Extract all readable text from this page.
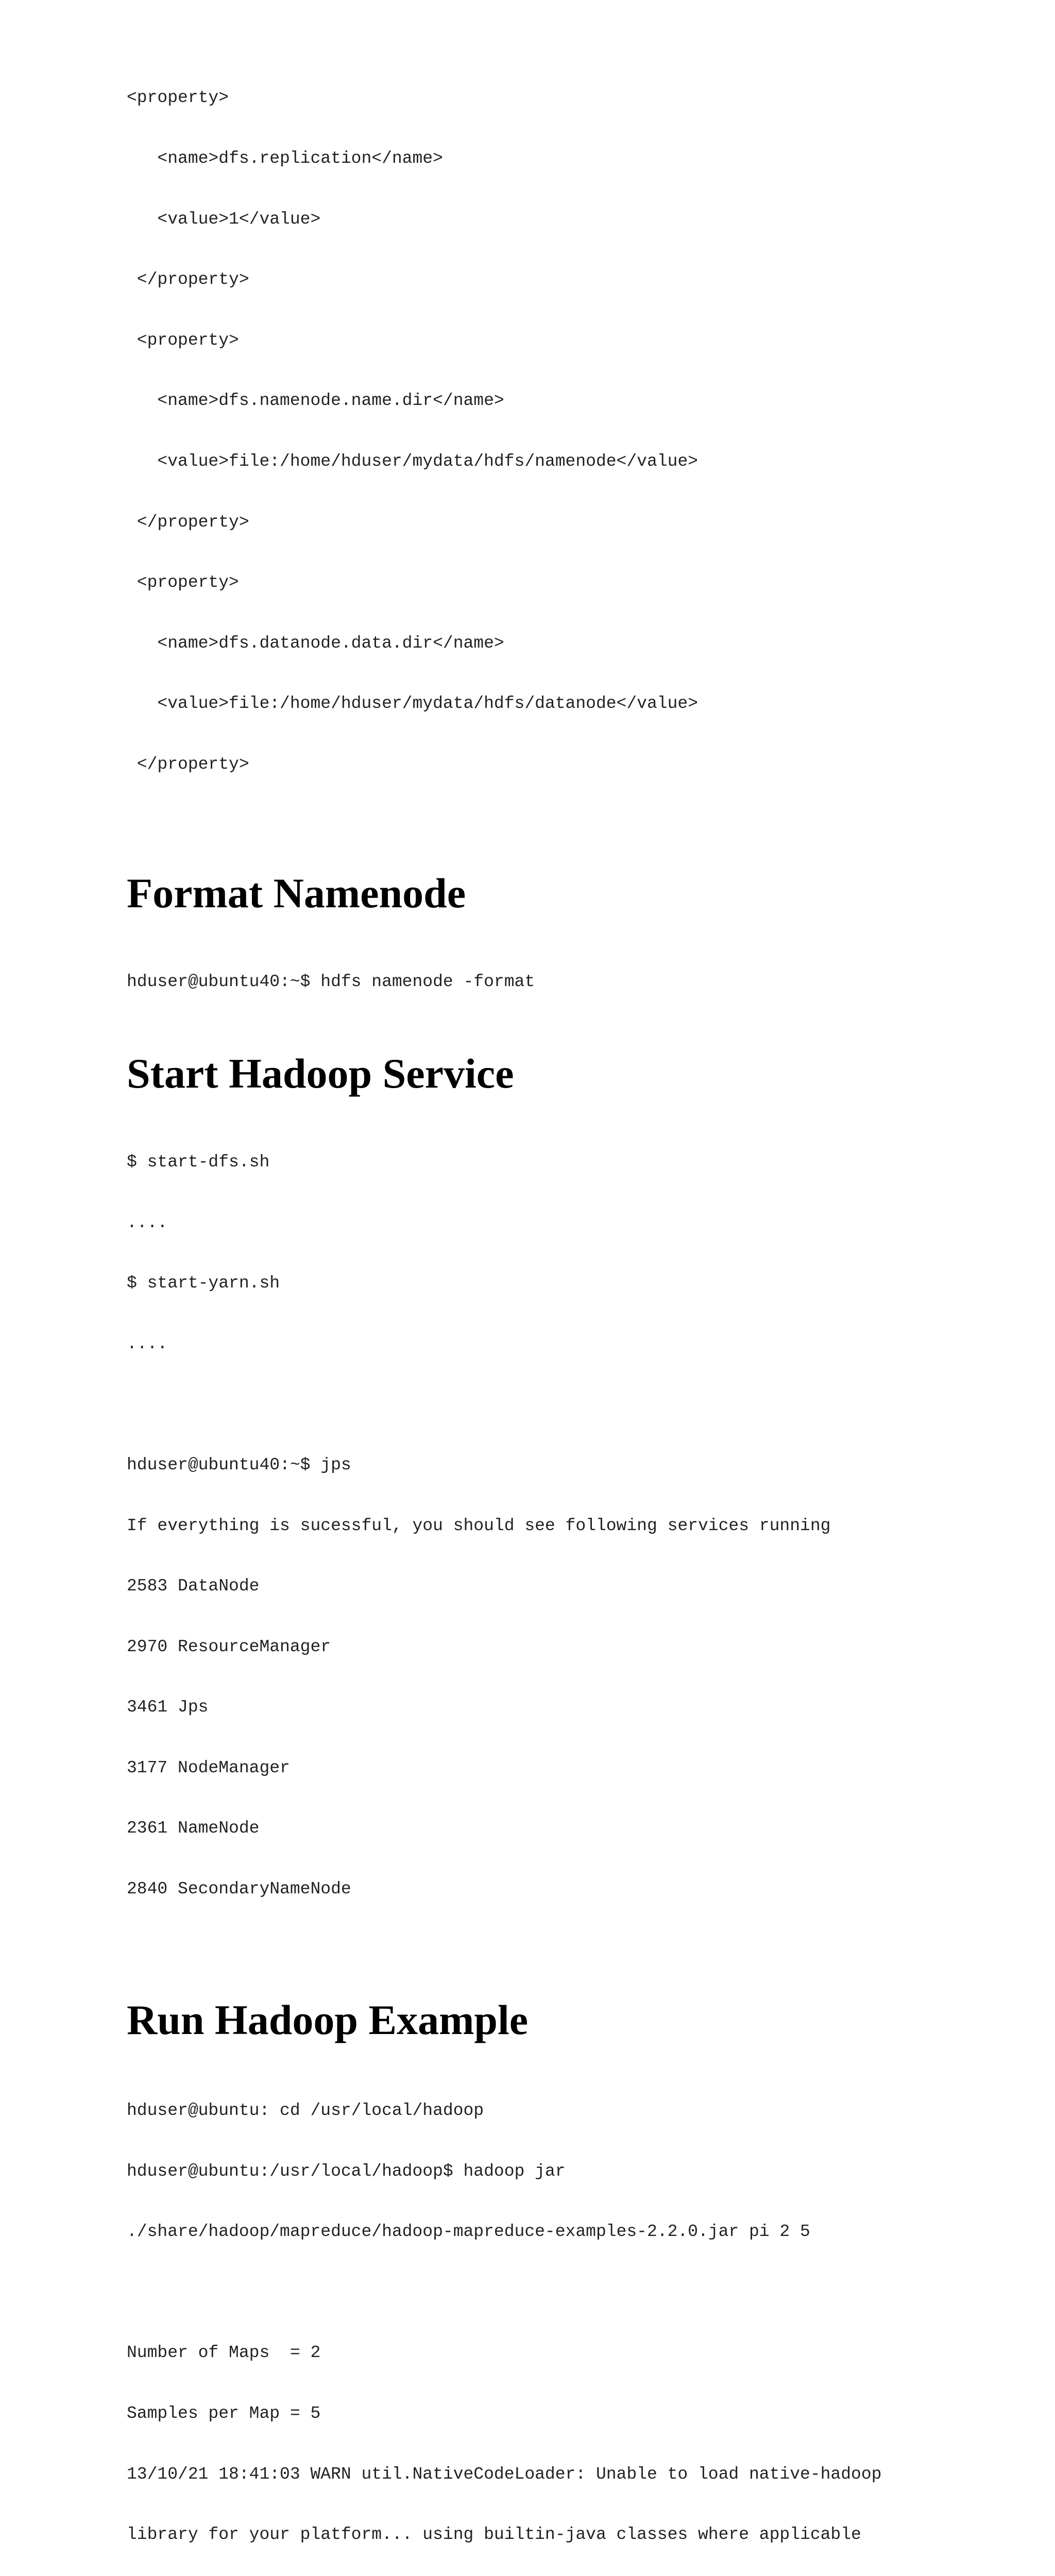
<property>

<name>dfs.replication</name>

<value>1</value>

</property>

<property>

<name>dfs.namenode.name.dir</name>

<value>file:/home/hduser/mydata/hdfs/namenode</value>

</property>

<property>

<name>dfs.datanode.data.dir</name>

<value>file:/home/hduser/mydata/hdfs/datanode</value>

</property>

Format Namenode

hduser@ubuntu40:~$ hdfs namenode -format

Start Hadoop Service

$ start-dfs.sh

....

$ start-yarn.sh

....

hduser@ubuntu40:~$ jps

If everything is sucessful, you should see following services running

2583 DataNode

2970 ResourceManager

3461 Jps

3177 NodeManager

2361 NameNode

2840 SecondaryNameNode

Run Hadoop Example

hduser@ubuntu: cd /usr/local/hadoop

hduser@ubuntu:/usr/local/hadoop$ hadoop jar

./share/hadoop/mapreduce/hadoop-mapreduce-examples-2.2.0.jar pi 2 5

Number of Maps  = 2

Samples per Map = 5

13/10/21 18:41:03 WARN util.NativeCodeLoader: Unable to load native-hadoop

library for your platform... using builtin-java classes where applicable
